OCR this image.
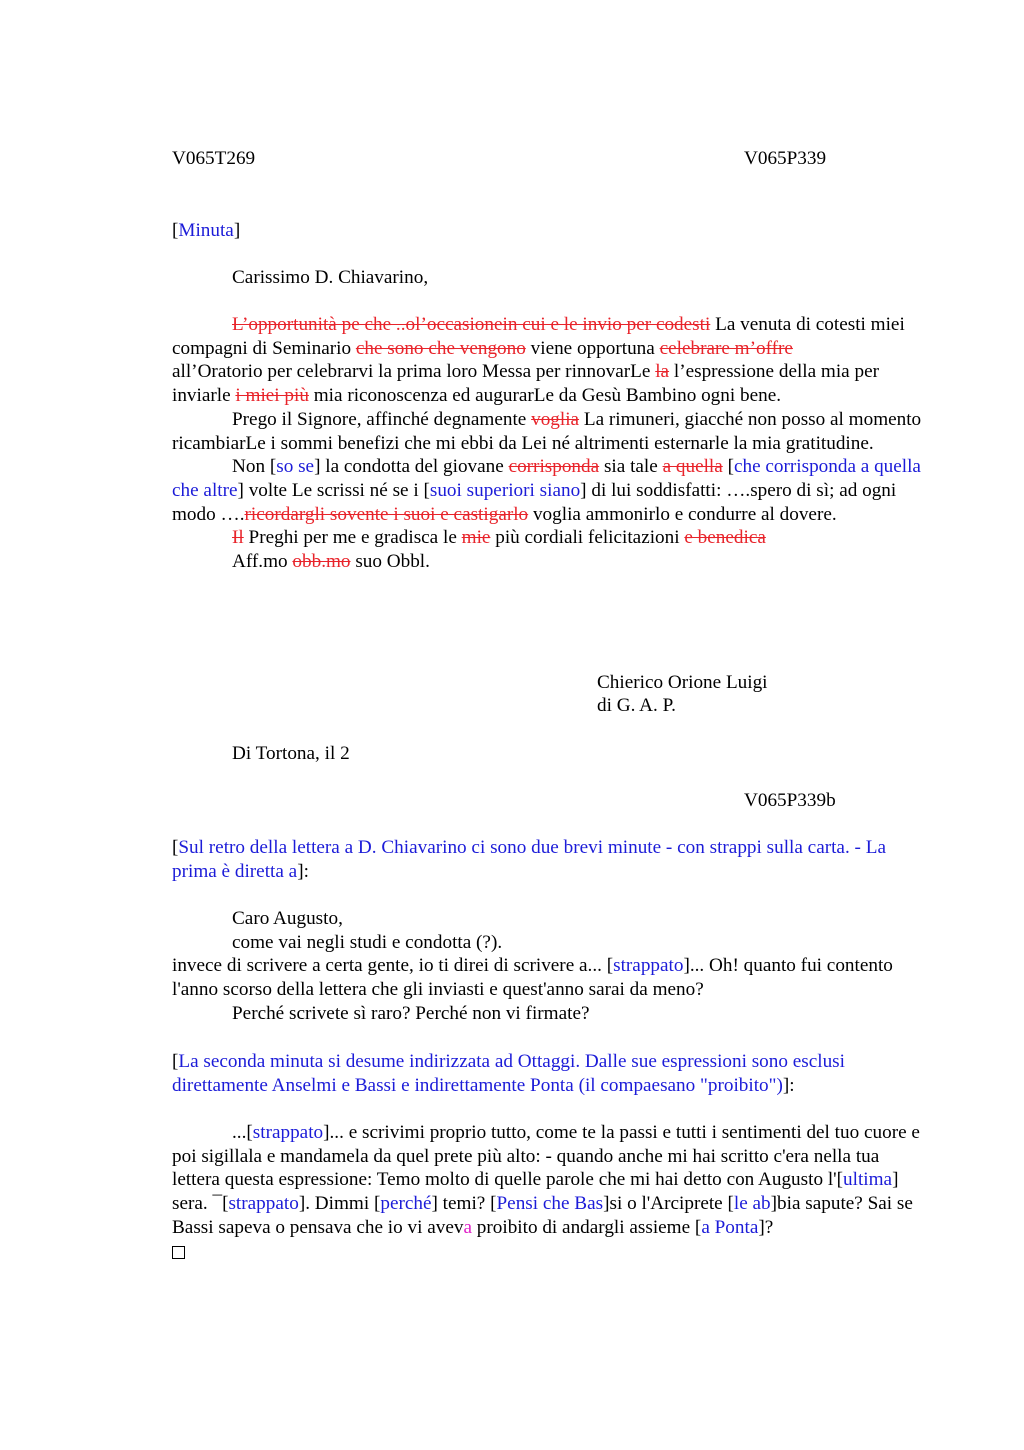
V065T269	V065P339
[Minuta]
Carissimo D. Chiavarino,

L’opportunità pe che ..ol’occasionein cui e le invio per codesti La venuta di cotesti miei compagni di Seminario che sono che vengono viene opportuna celebrare m’offre
all’Oratorio per celebrarvi la prima loro Messa per rinnovarLe la l’espressione della mia per inviarle i miei più mia riconoscenza ed augurarLe da Gesù Bambino ogni bene.

Prego il Signore, affinché degnamente voglia La rimuneri, giacché non posso al momento ricambiarLe i sommi benefizi che mi ebbi da Lei né altrimenti esternarle la mia gratitudine.

Non [so se] la condotta del giovane corrisponda sia tale a quella [che corrisponda a quella che altre] volte Le scrissi né se i [suoi superiori siano] di lui soddisfatti: ….spero di sì; ad ogni modo ….ricordargli sovente i suoi e castigarlo voglia ammonirlo e condurre al dovere.

Il Preghi per me e gradisca le mie più cordiali felicitazioni e benedica

Aff.mo obb.mo suo Obbl.

Chierico Orione Luigi
di G. A. P.
Di Tortona, il 2
V065P339b
[Sul retro della lettera a D. Chiavarino ci sono due brevi minute - con strappi sulla carta. - La prima è diretta a]:

Caro Augusto,

come vai negli studi e condotta (?).

invece di scrivere a certa gente, io ti direi di scrivere a... [strappato]... Oh! quanto fui contento l'anno scorso della lettera che gli inviasti e quest'anno sarai da meno?

Perché scrivete sì raro? Perché non vi firmate?

[La seconda minuta si desume indirizzata ad Ottaggi. Dalle sue espressioni sono esclusi direttamente Anselmi e Bassi e indirettamente Ponta (il compaesano "proibito")]:

...[strappato]... e scrivimi proprio tutto, come te la passi e tutti i sentimenti del tuo cuore e poi sigillala e mandamela da quel prete più alto: - quando anche mi hai scritto c'era nella tua lettera questa espressione: Temo molto di quelle parole che mi hai detto con Augusto l'[ultima] sera. ¯[strappato]. Dimmi [perché] temi? [Pensi che Bas]si o l'Arciprete [le ab]bia sapute? Sai se Bassi sapeva o pensava che io vi aveva proibito di andargli assieme [a Ponta]?
